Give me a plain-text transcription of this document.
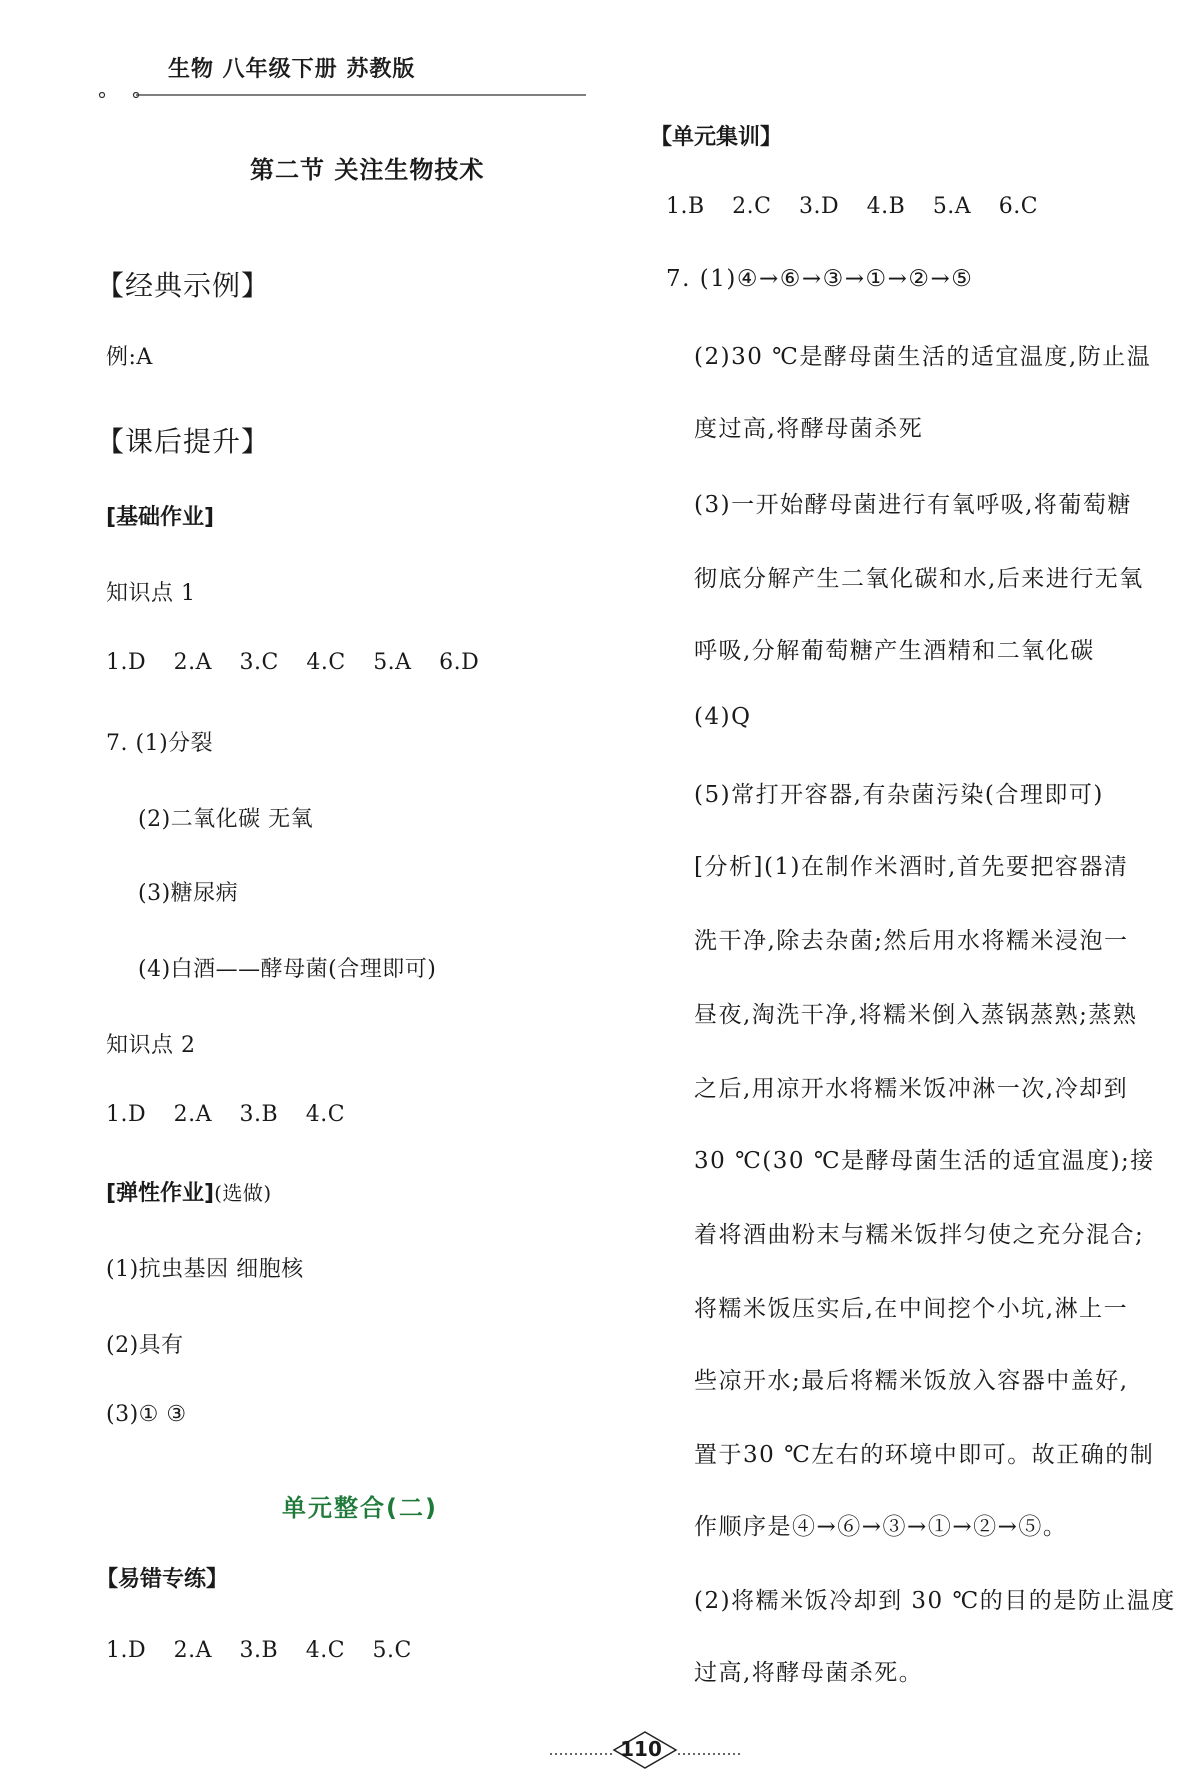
生物 八年级下册 苏教版
第二节 关注生物技术
【经典示例】
例:A
【课后提升】
[基础作业]
知识点 1
1.D 2.A 3.C 4.C 5.A 6.D
7. (1)分裂
(2)二氧化碳 无氧
(3)糖尿病
(4)白酒——酵母菌(合理即可)
知识点 2
1.D 2.A 3.B 4.C
[弹性作业](选做)
(1)抗虫基因 细胞核
(2)具有
(3)① ③
单元整合(二)
【易错专练】
1.D 2.A 3.B 4.C 5.C
【单元集训】
1.B 2.C 3.D 4.B 5.A 6.C
7. (1)④→⑥→③→①→②→⑤
(2)30 ℃是酵母菌生活的适宜温度,防止温
度过高,将酵母菌杀死
(3)一开始酵母菌进行有氧呼吸,将葡萄糖
彻底分解产生二氧化碳和水,后来进行无氧
呼吸,分解葡萄糖产生酒精和二氧化碳
(4)Q
(5)常打开容器,有杂菌污染(合理即可)
[分析](1)在制作米酒时,首先要把容器清
洗干净,除去杂菌;然后用水将糯米浸泡一
昼夜,淘洗干净,将糯米倒入蒸锅蒸熟;蒸熟
之后,用凉开水将糯米饭冲淋一次,冷却到
30 ℃(30 ℃是酵母菌生活的适宜温度);接
着将酒曲粉末与糯米饭拌匀使之充分混合;
将糯米饭压实后,在中间挖个小坑,淋上一
些凉开水;最后将糯米饭放入容器中盖好,
置于30 ℃左右的环境中即可。故正确的制
作顺序是④→⑥→③→①→②→⑤。
(2)将糯米饭冷却到 30 ℃的目的是防止温度
过高,将酵母菌杀死。
110
